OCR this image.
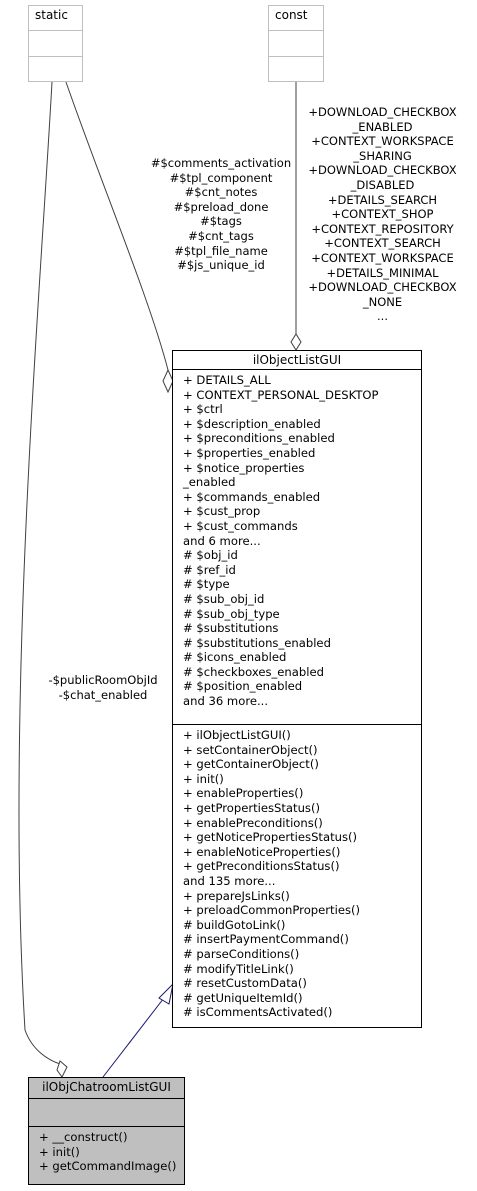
static	const
#$comments_activation
#$tpl_component
#$cnt_notes
#$preload_done
#$tags
#$cnt_tags
#$tpl_file_name
#$js_unique_id
+DOWNLOAD_CHECKBOX
_ENABLED
+CONTEXT_WORKSPACE
_SHARING
+DOWNLOAD_CHECKBOX
_DISABLED
+DETAILS_SEARCH
+CONTEXT_SHOP
+CONTEXT_REPOSITORY
+CONTEXT_SEARCH
+CONTEXT_WORKSPACE
+DETAILS_MINIMAL
+DOWNLOAD_CHECKBOX
_NONE
...
-$publicRoomObjId
-$chat_enabled
ilObjectListGUI
+ DETAILS_ALL
+ CONTEXT_PERSONAL_DESKTOP
+ $ctrl
+ $description_enabled
+ $preconditions_enabled
+ $properties_enabled
+ $notice_properties
_enabled
+ $commands_enabled
+ $cust_prop
+ $cust_commands
and 6 more...
# $obj_id
# $ref_id
# $type
# $sub_obj_id
# $sub_obj_type
# $substitutions
# $substitutions_enabled
# $icons_enabled
# $checkboxes_enabled
# $position_enabled
and 36 more...
+ ilObjectListGUI()
+ setContainerObject()
+ getContainerObject()
+ init()
+ enableProperties()
+ getPropertiesStatus()
+ enablePreconditions()
+ getNoticePropertiesStatus()
+ enableNoticeProperties()
+ getPreconditionsStatus()
and 135 more...
+ prepareJsLinks()
+ preloadCommonProperties()
# buildGotoLink()
# insertPaymentCommand()
# parseConditions()
# modifyTitleLink()
# resetCustomData()
# getUniqueItemId()
# isCommentsActivated()
ilObjChatroomListGUI
+ __construct()
+ init()
+ getCommandImage()
